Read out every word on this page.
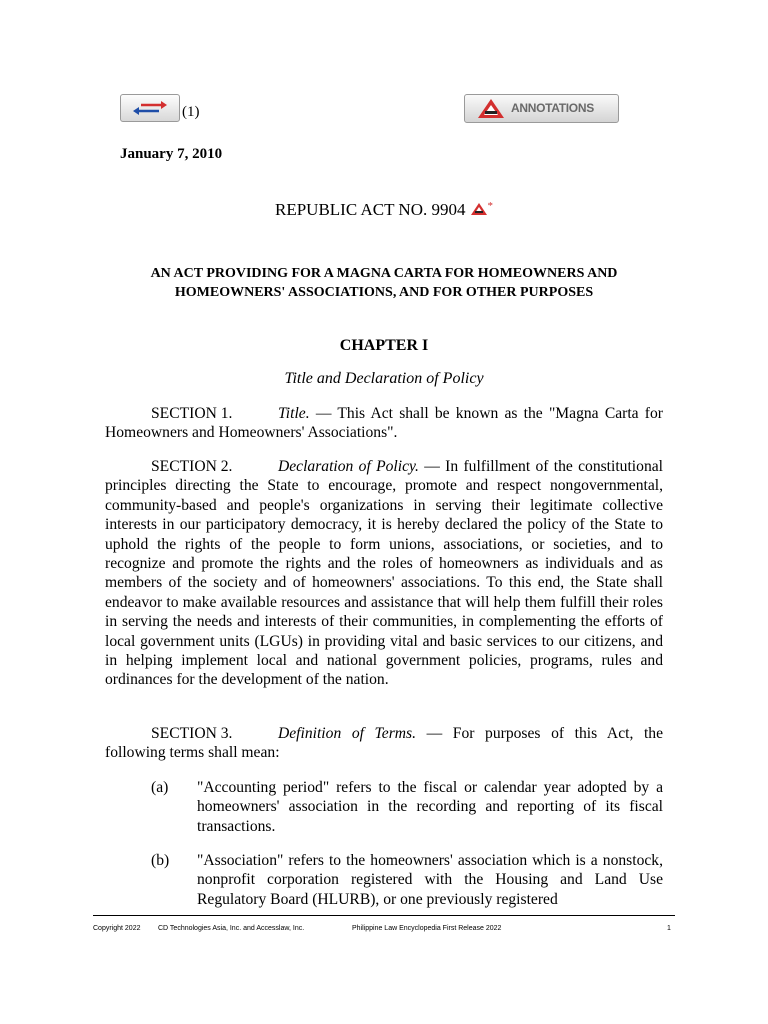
(1)	ANNOTATIONS
January 7, 2010
REPUBLIC ACT NO. 9904 *
AN ACT PROVIDING FOR A MAGNA CARTA FOR HOMEOWNERS AND
HOMEOWNERS' ASSOCIATIONS, AND FOR OTHER PURPOSES
CHAPTER I
Title and Declaration of Policy

SECTION 1.	Title. — This Act shall be known as the "Magna Carta for Homeowners and Homeowners' Associations".

SECTION 2.	Declaration of Policy. — In fulfillment of the constitutional principles directing the State to encourage, promote and respect nongovernmental, community-based and people's organizations in serving their legitimate collective interests in our participatory democracy, it is hereby declared the policy of the State to uphold the rights of the people to form unions, associations, or societies, and to recognize and promote the rights and the roles of homeowners as individuals and as members of the society and of homeowners' associations. To this end, the State shall endeavor to make available resources and assistance that will help them fulfill their roles in serving the needs and interests of their communities, in complementing the efforts of local government units (LGUs) in providing vital and basic services to our citizens, and in helping implement local and national government policies, programs, rules and ordinances for the development of the nation.

SECTION 3.	Definition of Terms. — For purposes of this Act, the following terms shall mean:

(a) "Accounting period" refers to the fiscal or calendar year adopted by a homeowners' association in the recording and reporting of its fiscal transactions.
(b) "Association" refers to the homeowners' association which is a nonstock, nonprofit corporation registered with the Housing and Land Use Regulatory Board (HLURB), or one previously registered
Copyright 2022	CD Technologies Asia, Inc. and Accesslaw, Inc.	Philippine Law Encyclopedia First Release 2022	1
